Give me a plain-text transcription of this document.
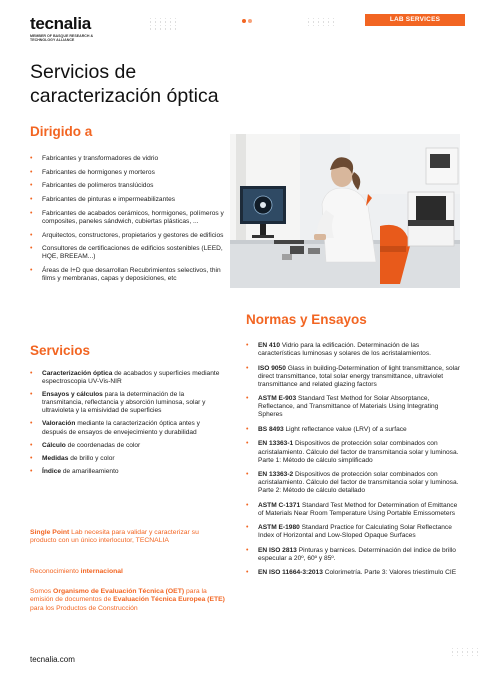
tecnalia
MEMBER OF BASQUE RESEARCH & TECHNOLOGY ALLIANCE
LAB SERVICES
Servicios de
caracterización óptica
Dirigido a
• Fabricantes y transformadores de vidrio
• Fabricantes de hormigones y morteros
• Fabricantes de polímeros translúcidos
• Fabricantes de pinturas e impermeabilizantes
• Fabricantes de acabados cerámicos, hormigones, polímeros y composites, paneles sándwich, cubiertas plásticas, ...
• Arquitectos, constructores, propietarios y gestores de edificios
• Consultores de certificaciones de edificios sostenibles (LEED, HQE, BREEAM...)
• Áreas de I+D que desarrollan Recubrimientos selectivos, thin films y membranas, capas y deposiciones, etc
Servicios
• Caracterización óptica de acabados y superficies mediante espectroscopia UV-Vis-NIR
• Ensayos y cálculos para la determinación de la transmitancia, reflectancia y absorción luminosa, solar y ultravioleta y la emisividad de superficies
• Valoración mediante la caracterización óptica antes y después de ensayos de envejecimiento y durabilidad
• Cálculo de coordenadas de color
• Medidas de brillo y color
• Índice de amarilleamiento
Single Point Lab necesita para validar y caracterizar su producto con un único interlocutor, TECNALIA
Reconocimiento internacional
Somos Organismo de Evaluación Técnica (OET) para la emisión de documentos de Evaluación Técnica Europea (ETE) para los Productos de Construcción
Normas y Ensayos
• EN 410 Vidrio para la edificación. Determinación de las características luminosas y solares de los acristalamientos.
• ISO 9050 Glass in building-Determination of light transmittance, solar direct transmittance, total solar energy transmittance, ultraviolet transmittance and related glazing factors
• ASTM E-903 Standard Test Method for Solar Absorptance, Reflectance, and Transmittance of Materials Using Integrating Spheres
• BS 8493 Light reflectance value (LRV) of a surface
• EN 13363-1 Dispositivos de protección solar combinados con acristalamiento. Cálculo del factor de transmitancia solar y luminosa. Parte 1: Método de cálculo simplificado
• EN 13363-2 Dispositivos de protección solar combinados con acristalamiento. Cálculo del factor de transmitancia solar y luminosa. Parte 2: Método de cálculo detallado
• ASTM C-1371 Standard Test Method for Determination of Emittance of Materials Near Room Temperature Using Portable Emissometers
• ASTM E-1980 Standard Practice for Calculating Solar Reflectance Index of Horizontal and Low-Sloped Opaque Surfaces
• EN ISO 2813 Pinturas y barnices. Determinación del índice de brillo especular a 20º, 60º y 85º.
• EN ISO 11664-3:2013 Colorimetría. Parte 3: Valores triestímulo CIE
tecnalia.com
